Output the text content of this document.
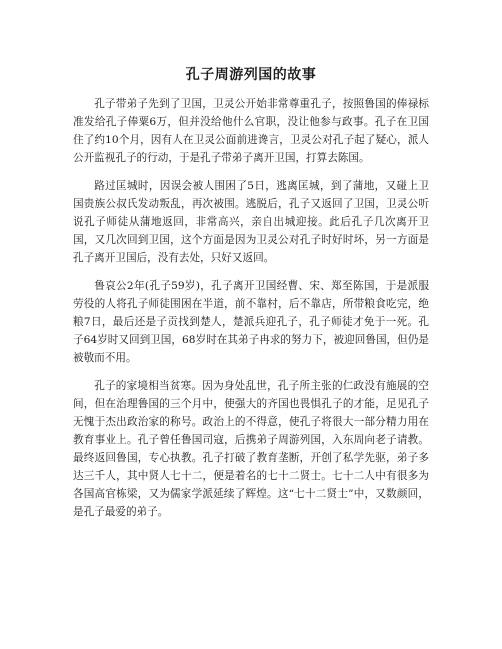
孔子周游列国的故事

孔子带弟子先到了卫国，卫灵公开始非常尊重孔子，按照鲁国的俸禄标准发给孔子俸粟6万，但并没给他什么官职，没让他参与政事。孔子在卫国住了约10个月，因有人在卫灵公面前进谗言，卫灵公对孔子起了疑心，派人公开监视孔子的行动，于是孔子带弟子离开卫国，打算去陈国。

路过匡城时，因误会被人围困了5日，逃离匡城，到了蒲地，又碰上卫国贵族公叔氏发动叛乱，再次被围。逃脱后，孔子又返回了卫国，卫灵公听说孔子师徒从蒲地返回，非常高兴，亲自出城迎接。此后孔子几次离开卫国，又几次回到卫国，这个方面是因为卫灵公对孔子时好时坏，另一方面是孔子离开卫国后，没有去处，只好又返回。

鲁哀公2年(孔子59岁)，孔子离开卫国经曹、宋、郑至陈国，于是派服劳役的人将孔子师徒围困在半道，前不靠村，后不靠店，所带粮食吃完，绝粮7日，最后还是子贡找到楚人，楚派兵迎孔子，孔子师徒才免于一死。孔子64岁时又回到卫国，68岁时在其弟子冉求的努力下，被迎回鲁国，但仍是被敬而不用。

孔子的家境相当贫寒。因为身处乱世，孔子所主张的仁政没有施展的空间，但在治理鲁国的三个月中，使强大的齐国也畏惧孔子的才能，足见孔子无愧于杰出政治家的称号。政治上的不得意，使孔子将很大一部分精力用在教育事业上。孔子曾任鲁国司寇，后携弟子周游列国，入东周向老子请教。最终返回鲁国，专心执教。孔子打破了教育垄断，开创了私学先驱，弟子多达三千人，其中贤人七十二，便是着名的七十二贤士。七十二人中有很多为各国高官栋梁，又为儒家学派延续了辉煌。这“七十二贤士”中，又数颜回，是孔子最爱的弟子。
